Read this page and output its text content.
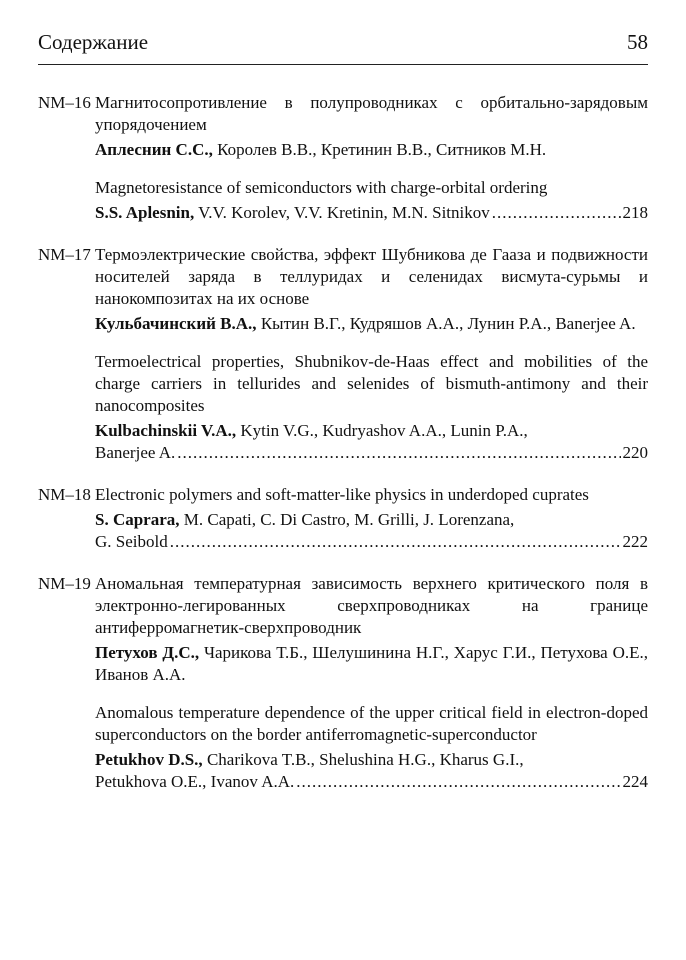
Содержание	58
NM–16 Магнитосопротивление в полупроводниках с орбитально-зарядовым упорядочением
Аплеснин С.С., Королев В.В., Кретинин В.В., Ситников М.Н.
Magnetoresistance of semiconductors with charge-orbital ordering
S.S. Aplesnin, V.V. Korolev, V.V. Kretinin, M.N. Sitnikov .....	218
NM–17 Термоэлектрические свойства, эффект Шубникова де Гааза и подвижности носителей заряда в теллуридах и селенидах висмута-сурьмы и нанокомпозитах на их основе
Кульбачинский В.А., Кытин В.Г., Кудряшов А.А., Лунин Р.А., Banerjee A.
Termoelectrical properties, Shubnikov-de-Haas effect and mobilities of the charge carriers in tellurides and selenides of bismuth-antimony and their nanocomposites
Kulbachinskii V.A., Kytin V.G., Kudryashov A.A., Lunin P.A.,
Banerjee A. .....	220
NM–18 Electronic polymers and soft-matter-like physics in underdoped cuprates
S. Caprara, M. Capati, C. Di Castro, M. Grilli, J. Lorenzana,
G. Seibold .....	222
NM–19 Аномальная температурная зависимость верхнего критического поля в электронно-легированных сверхпроводниках на границе антиферромагнетик-сверхпроводник
Петухов Д.С., Чарикова Т.Б., Шелушинина Н.Г., Харус Г.И., Петухова О.Е., Иванов А.А.
Anomalous temperature dependence of the upper critical field in electron-doped superconductors on the border antiferromagnetic-superconductor
Petukhov D.S., Charikova T.B., Shelushina H.G., Kharus G.I.,
Petukhova O.E., Ivanov A.A. .....	224
